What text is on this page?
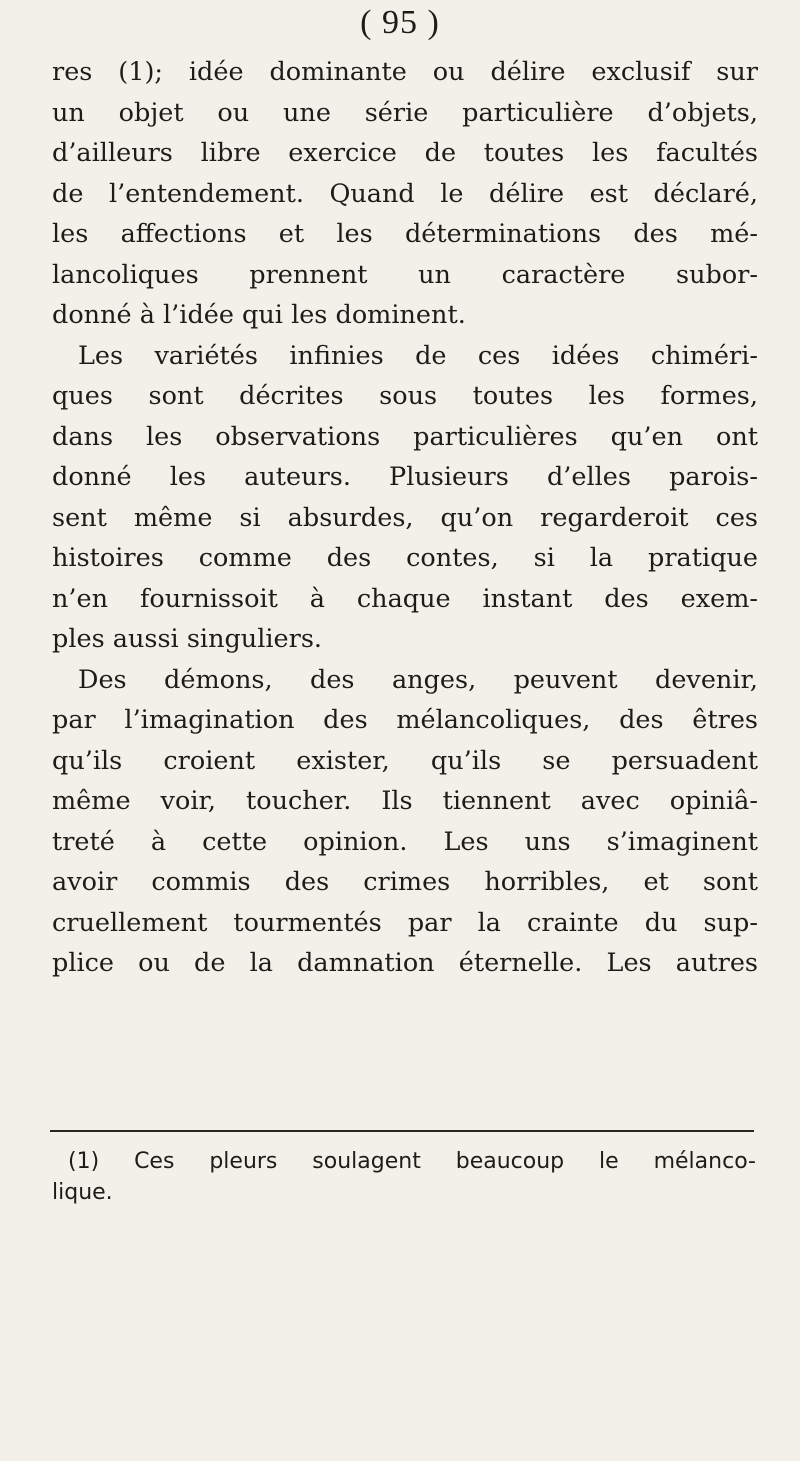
( 95 )
res (1); idée dominante ou délire exclusif sur
un objet ou une série particulière d’objets,
d’ailleurs libre exercice de toutes les facultés
de l’entendement. Quand le délire est déclaré,
les affections et les déterminations des mé-
lancoliques prennent un caractère subor-
donné à l’idée qui les dominent.
Les variétés infinies de ces idées chiméri-
ques sont décrites sous toutes les formes,
dans les observations particulières qu’en ont
donné les auteurs. Plusieurs d’elles parois-
sent même si absurdes, qu’on regarderoit ces
histoires comme des contes, si la pratique
n’en fournissoit à chaque instant des exem-
ples aussi singuliers.
Des démons, des anges, peuvent devenir,
par l’imagination des mélancoliques, des êtres
qu’ils croient exister, qu’ils se persuadent
même voir, toucher. Ils tiennent avec opiniâ-
treté à cette opinion. Les uns s’imaginent
avoir commis des crimes horribles, et sont
cruellement tourmentés par la crainte du sup-
plice ou de la damnation éternelle. Les autres
(1) Ces pleurs soulagent beaucoup le mélanco-
lique.
